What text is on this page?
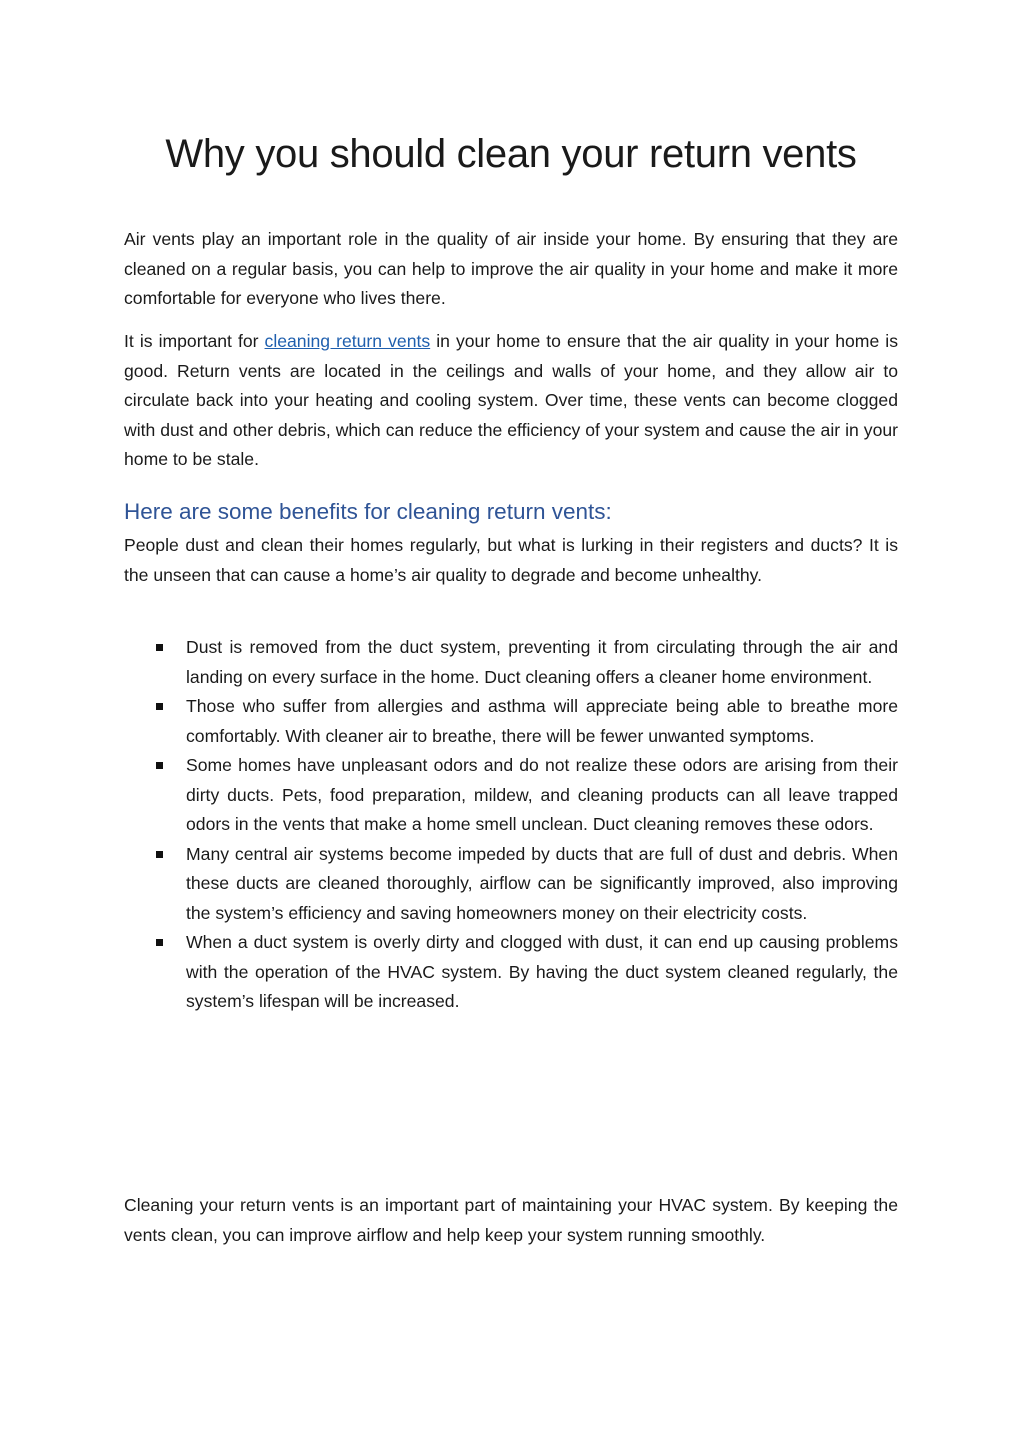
Why you should clean your return vents

Air vents play an important role in the quality of air inside your home. By ensuring that they are cleaned on a regular basis, you can help to improve the air quality in your home and make it more comfortable for everyone who lives there.

It is important for cleaning return vents in your home to ensure that the air quality in your home is good. Return vents are located in the ceilings and walls of your home, and they allow air to circulate back into your heating and cooling system. Over time, these vents can become clogged with dust and other debris, which can reduce the efficiency of your system and cause the air in your home to be stale.

Here are some benefits for cleaning return vents:

People dust and clean their homes regularly, but what is lurking in their registers and ducts? It is the unseen that can cause a home’s air quality to degrade and become unhealthy.

Dust is removed from the duct system, preventing it from circulating through the air and landing on every surface in the home. Duct cleaning offers a cleaner home environment.
Those who suffer from allergies and asthma will appreciate being able to breathe more comfortably. With cleaner air to breathe, there will be fewer unwanted symptoms.
Some homes have unpleasant odors and do not realize these odors are arising from their dirty ducts. Pets, food preparation, mildew, and cleaning products can all leave trapped odors in the vents that make a home smell unclean. Duct cleaning removes these odors.
Many central air systems become impeded by ducts that are full of dust and debris. When these ducts are cleaned thoroughly, airflow can be significantly improved, also improving the system’s efficiency and saving homeowners money on their electricity costs.
When a duct system is overly dirty and clogged with dust, it can end up causing problems with the operation of the HVAC system. By having the duct system cleaned regularly, the system’s lifespan will be increased.

Cleaning your return vents is an important part of maintaining your HVAC system. By keeping the vents clean, you can improve airflow and help keep your system running smoothly.
